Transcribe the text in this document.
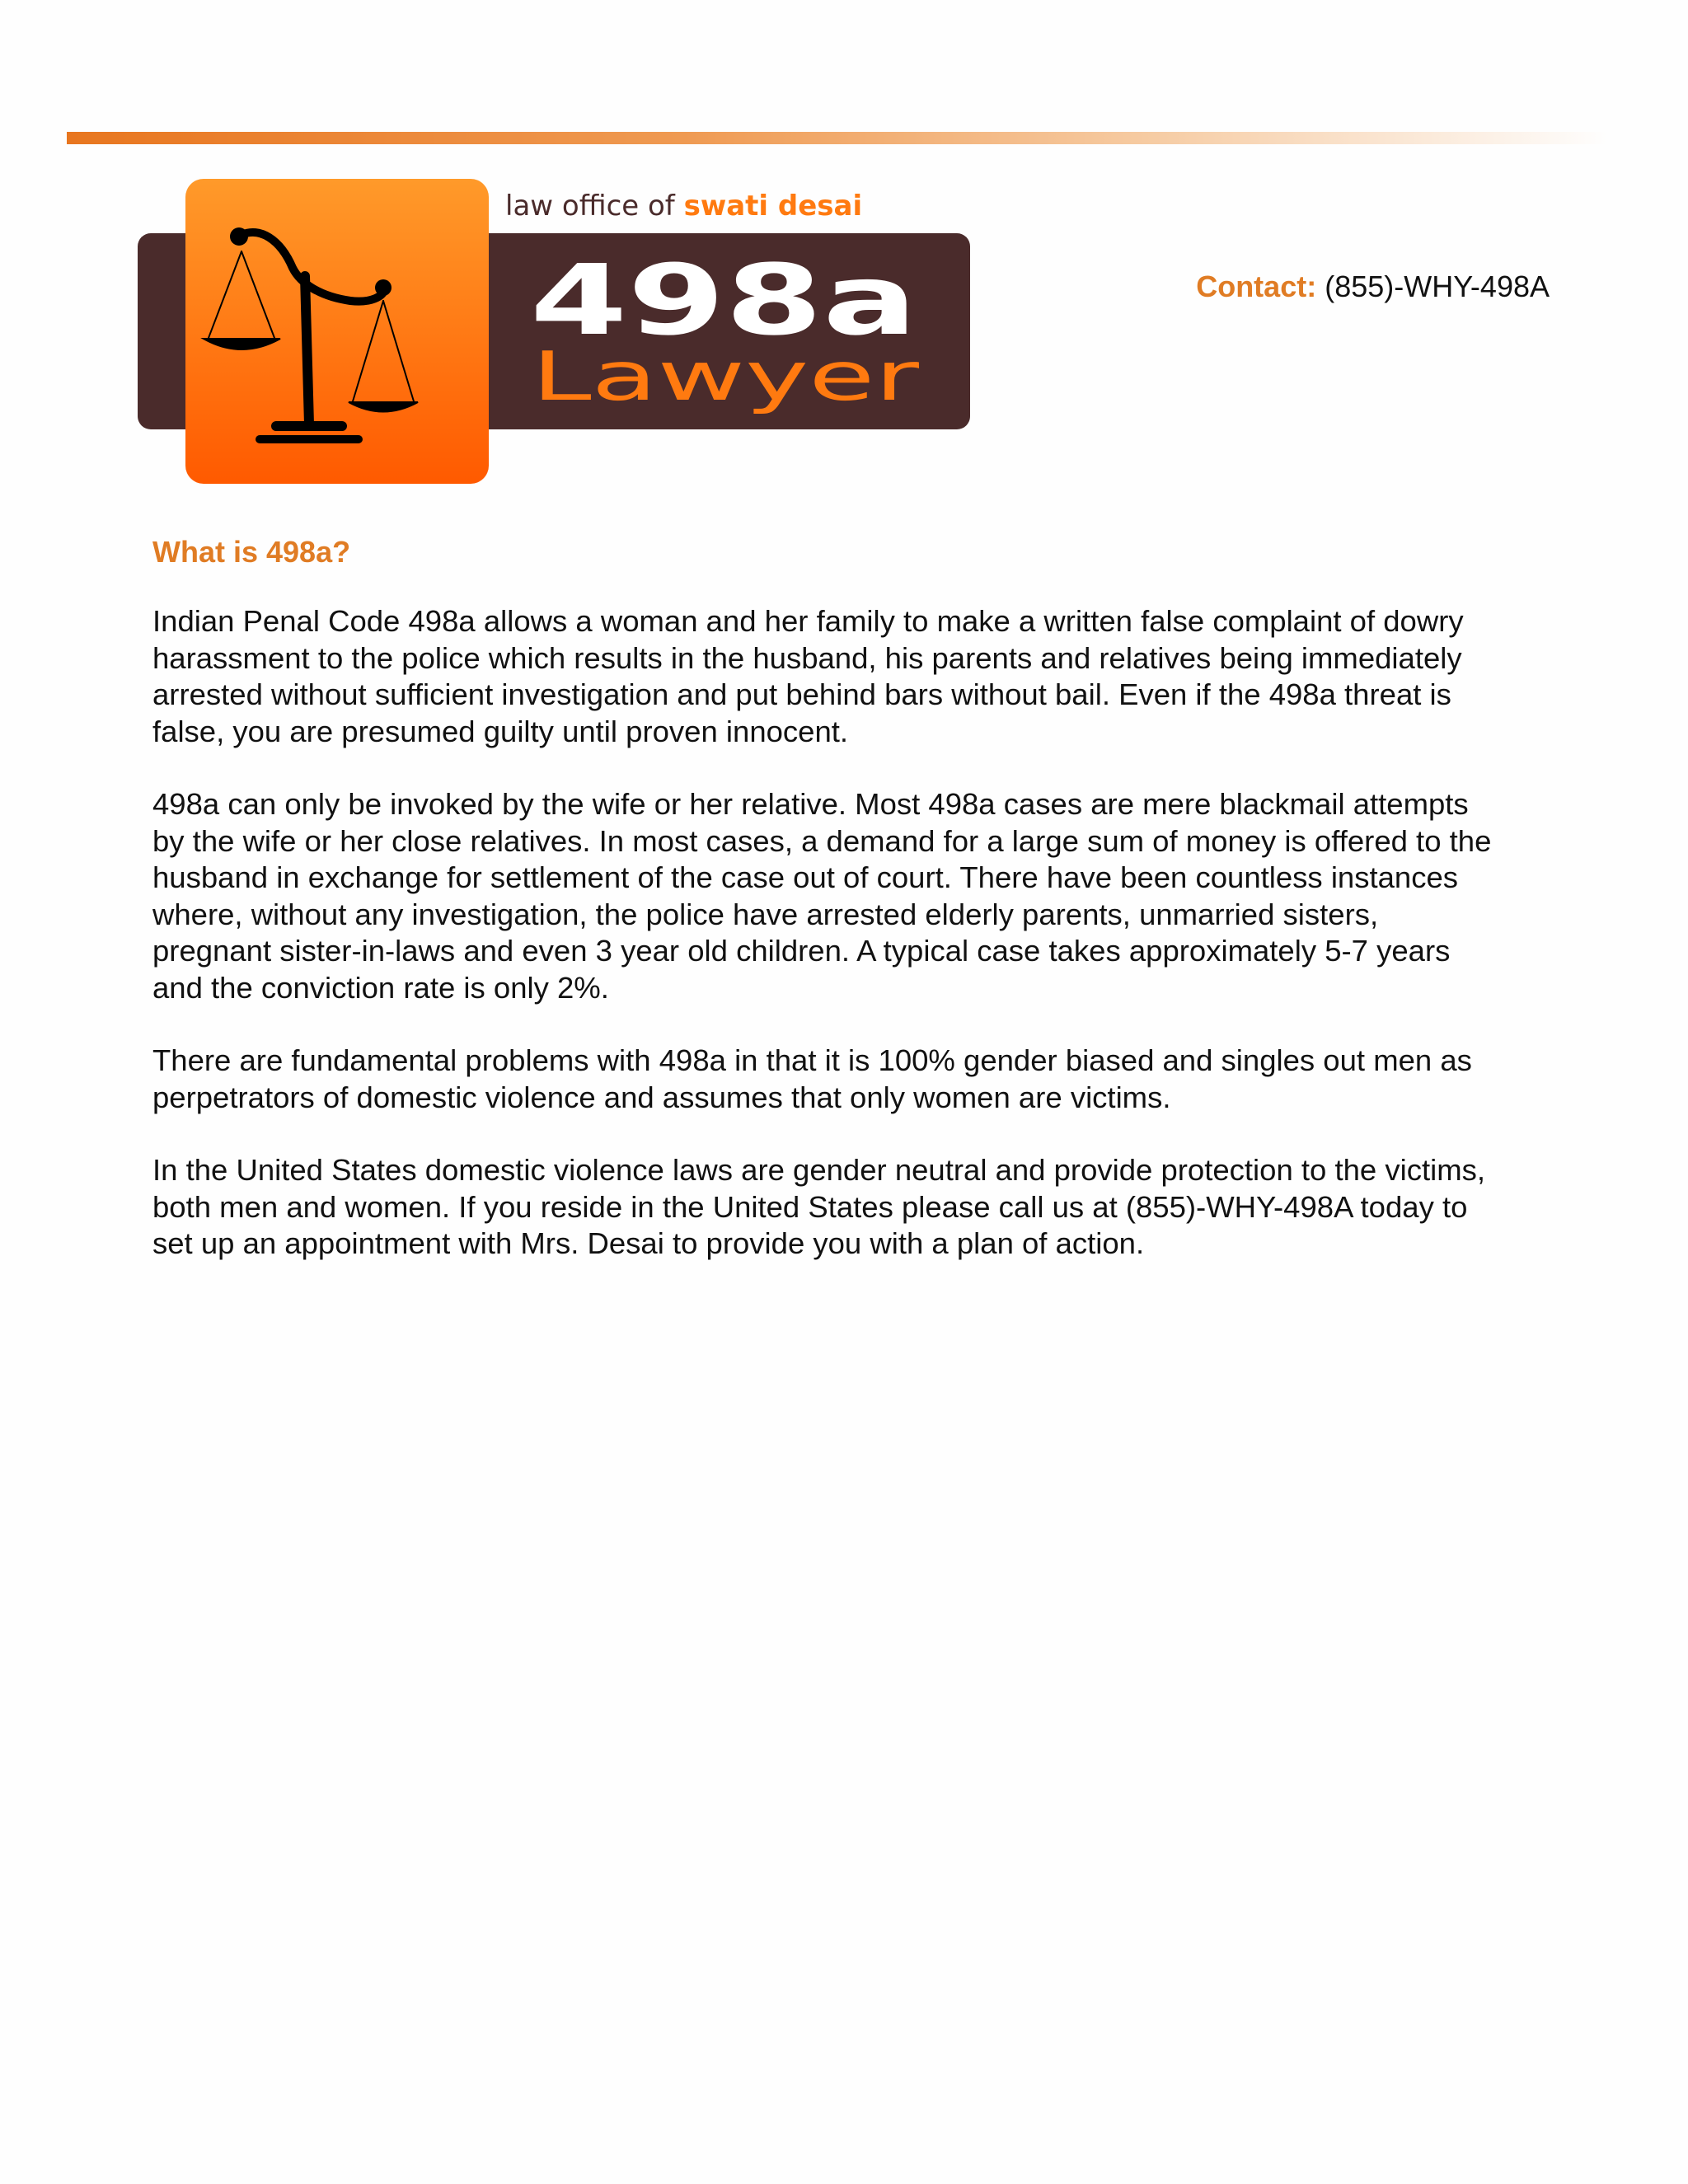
law office of swati desai
498a
Lawyer
Contact: (855)-WHY-498A
What is 498a?

Indian Penal Code 498a allows a woman and her family to make a written false complaint of dowry harassment to the police which results in the husband, his parents and relatives being immediately arrested without sufficient investigation and put behind bars without bail. Even if the 498a threat is false, you are presumed guilty until proven innocent.

498a can only be invoked by the wife or her relative. Most 498a cases are mere blackmail attempts by the wife or her close relatives. In most cases, a demand for a large sum of money is offered to the husband in exchange for settlement of the case out of court. There have been countless instances where, without any investigation, the police have arrested elderly parents, unmarried sisters, pregnant sister-in-laws and even 3 year old children. A typical case takes approximately 5-7 years and the conviction rate is only 2%.

There are fundamental problems with 498a in that it is 100% gender biased and singles out men as perpetrators of domestic violence and assumes that only women are victims.

In the United States domestic violence laws are gender neutral and provide protection to the victims, both men and women. If you reside in the United States please call us at (855)-WHY-498A today to set up an appointment with Mrs. Desai to provide you with a plan of action.
